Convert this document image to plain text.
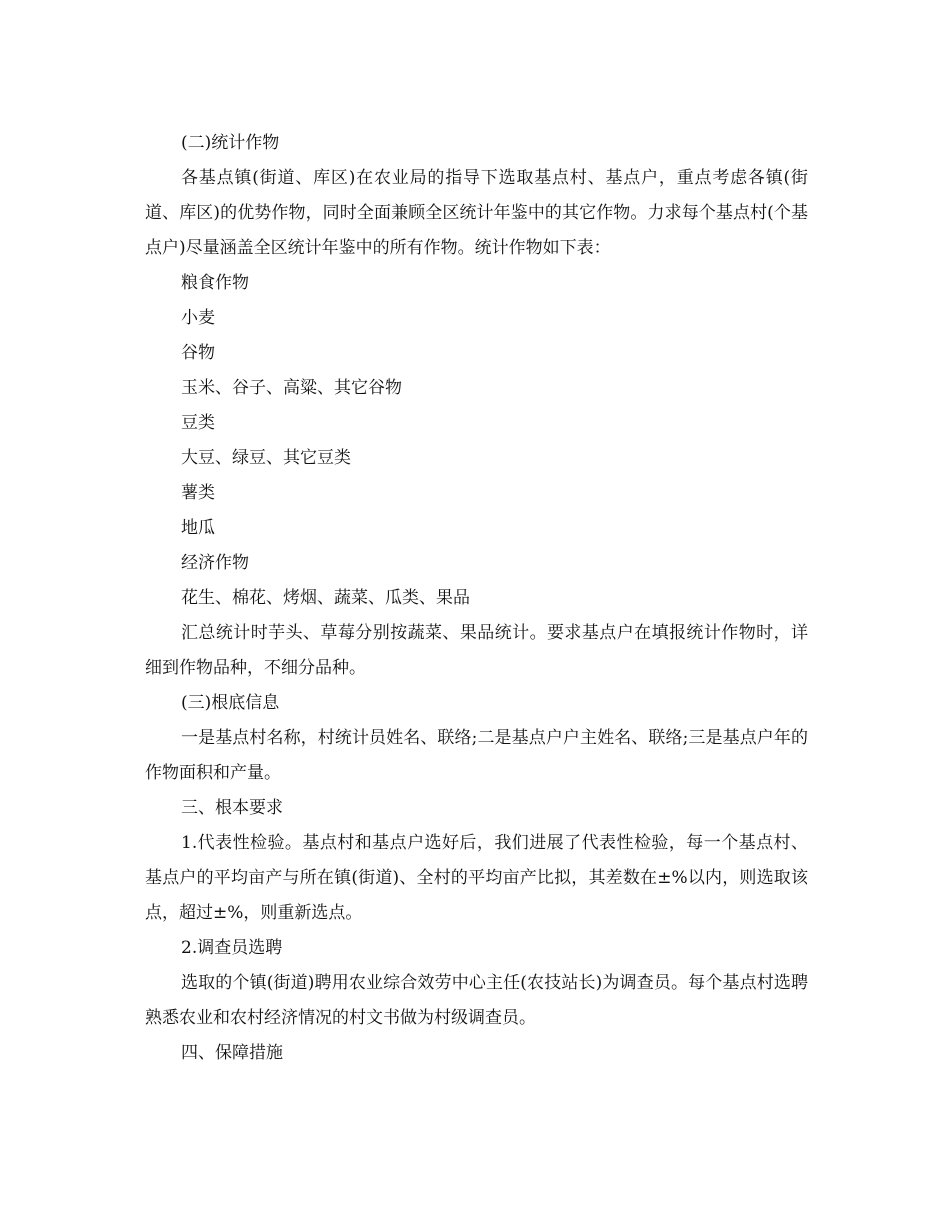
(二)统计作物

各基点镇(街道、库区)在农业局的指导下选取基点村、基点户，重点考虑各镇(街道、库区)的优势作物，同时全面兼顾全区统计年鉴中的其它作物。力求每个基点村(个基点户)尽量涵盖全区统计年鉴中的所有作物。统计作物如下表：

粮食作物

小麦

谷物

玉米、谷子、高粱、其它谷物

豆类

大豆、绿豆、其它豆类

薯类

地瓜

经济作物

花生、棉花、烤烟、蔬菜、瓜类、果品

汇总统计时芋头、草莓分别按蔬菜、果品统计。要求基点户在填报统计作物时，详细到作物品种，不细分品种。

(三)根底信息

一是基点村名称，村统计员姓名、联络;二是基点户户主姓名、联络;三是基点户年的作物面积和产量。

三、根本要求

1.代表性检验。基点村和基点户选好后，我们进展了代表性检验，每一个基点村、基点户的平均亩产与所在镇(街道)、全村的平均亩产比拟，其差数在±%以内，则选取该点，超过±%，则重新选点。

2.调查员选聘

选取的个镇(街道)聘用农业综合效劳中心主任(农技站长)为调查员。每个基点村选聘熟悉农业和农村经济情况的村文书做为村级调查员。

四、保障措施
